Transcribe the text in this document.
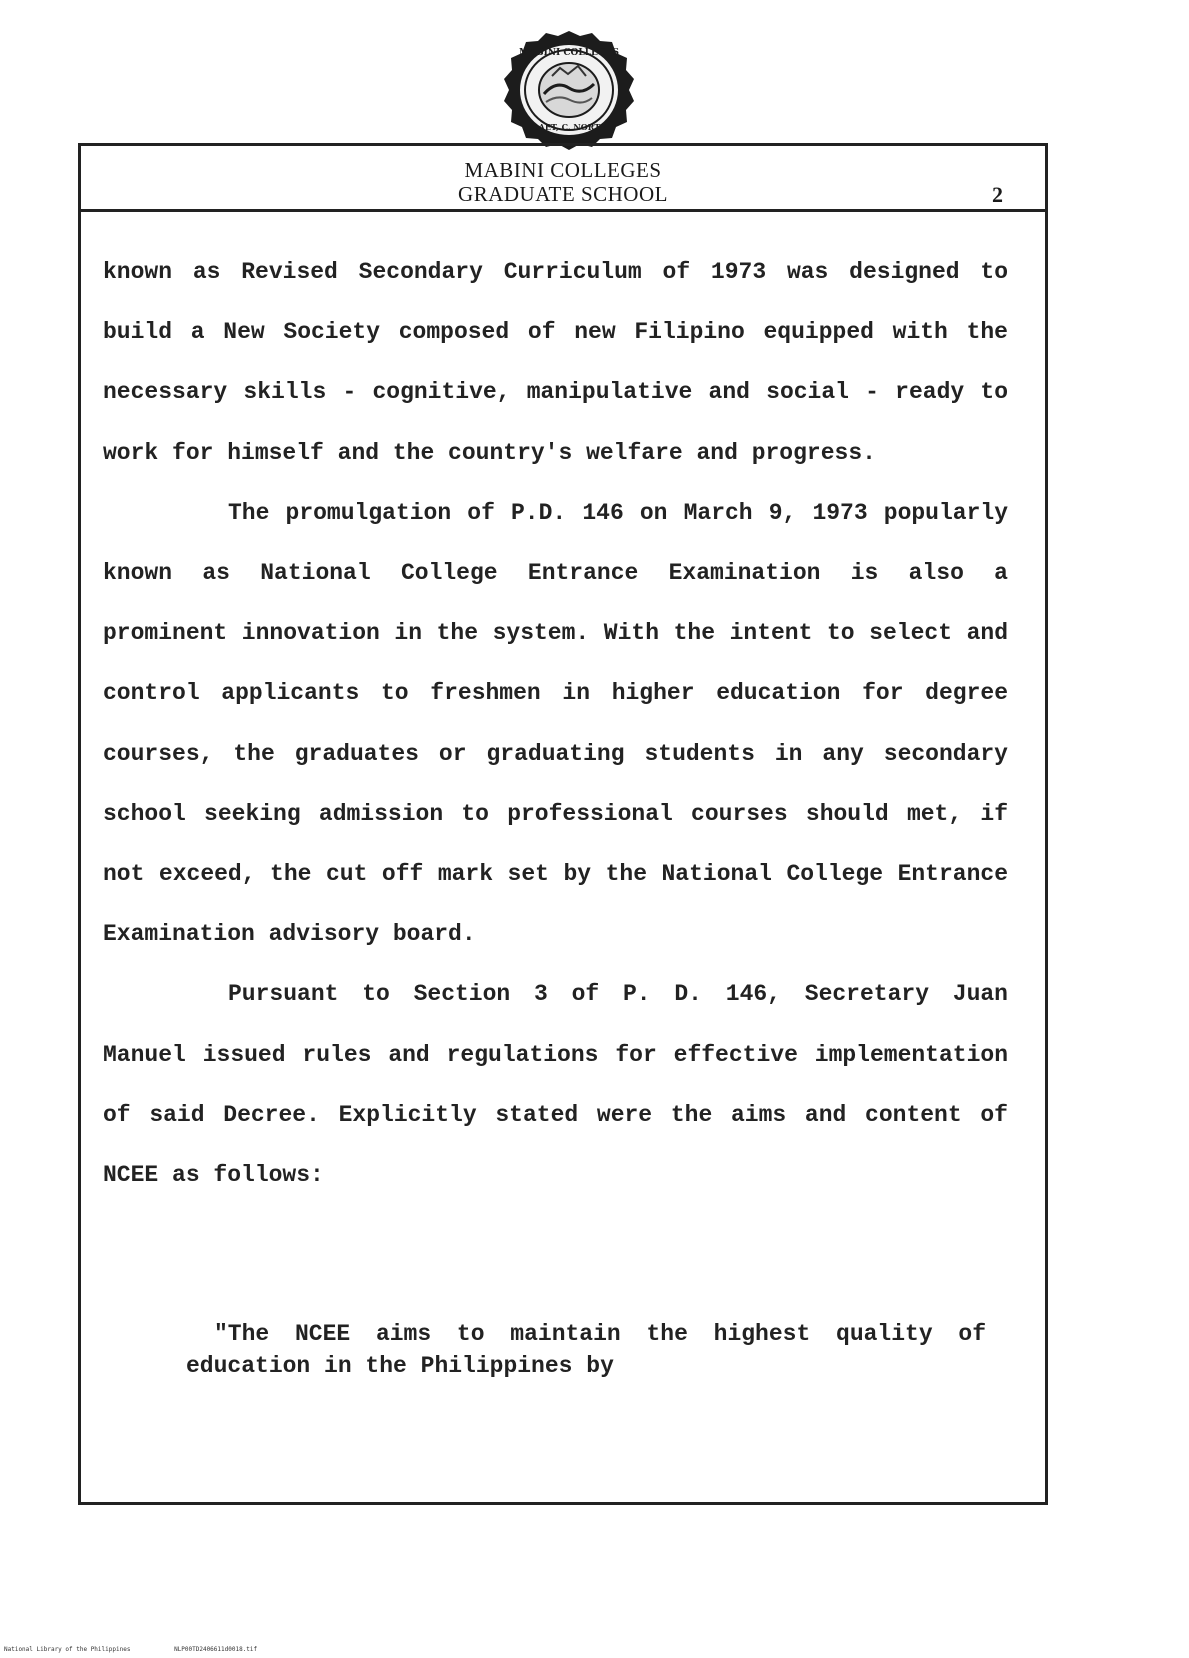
MABINI COLLEGES
DAET, C. NORTE
MABINI COLLEGES
GRADUATE SCHOOL	2

known as Revised Secondary Curriculum of 1973 was designed to build a New Society composed of new Filipino equipped with the necessary skills - cognitive, manipulative and social - ready to work for himself and the country's welfare and progress.

The promulgation of P.D. 146 on March 9, 1973 popularly known as National College Entrance Examination is also a prominent innovation in the system. With the intent to select and control applicants to freshmen in higher education for degree courses, the graduates or graduating students in any secondary school seeking admission to professional courses should met, if not exceed, the cut off mark set by the National College Entrance Examination advisory board.

Pursuant to Section 3 of P. D. 146, Secretary Juan Manuel issued rules and regulations for effective implementation of said Decree. Explicitly stated were the aims and content of NCEE as follows:

"The NCEE aims to maintain the highest quality of education in the Philippines by

National Library of the Philippines	NLP00TD2406611d0018.tif
